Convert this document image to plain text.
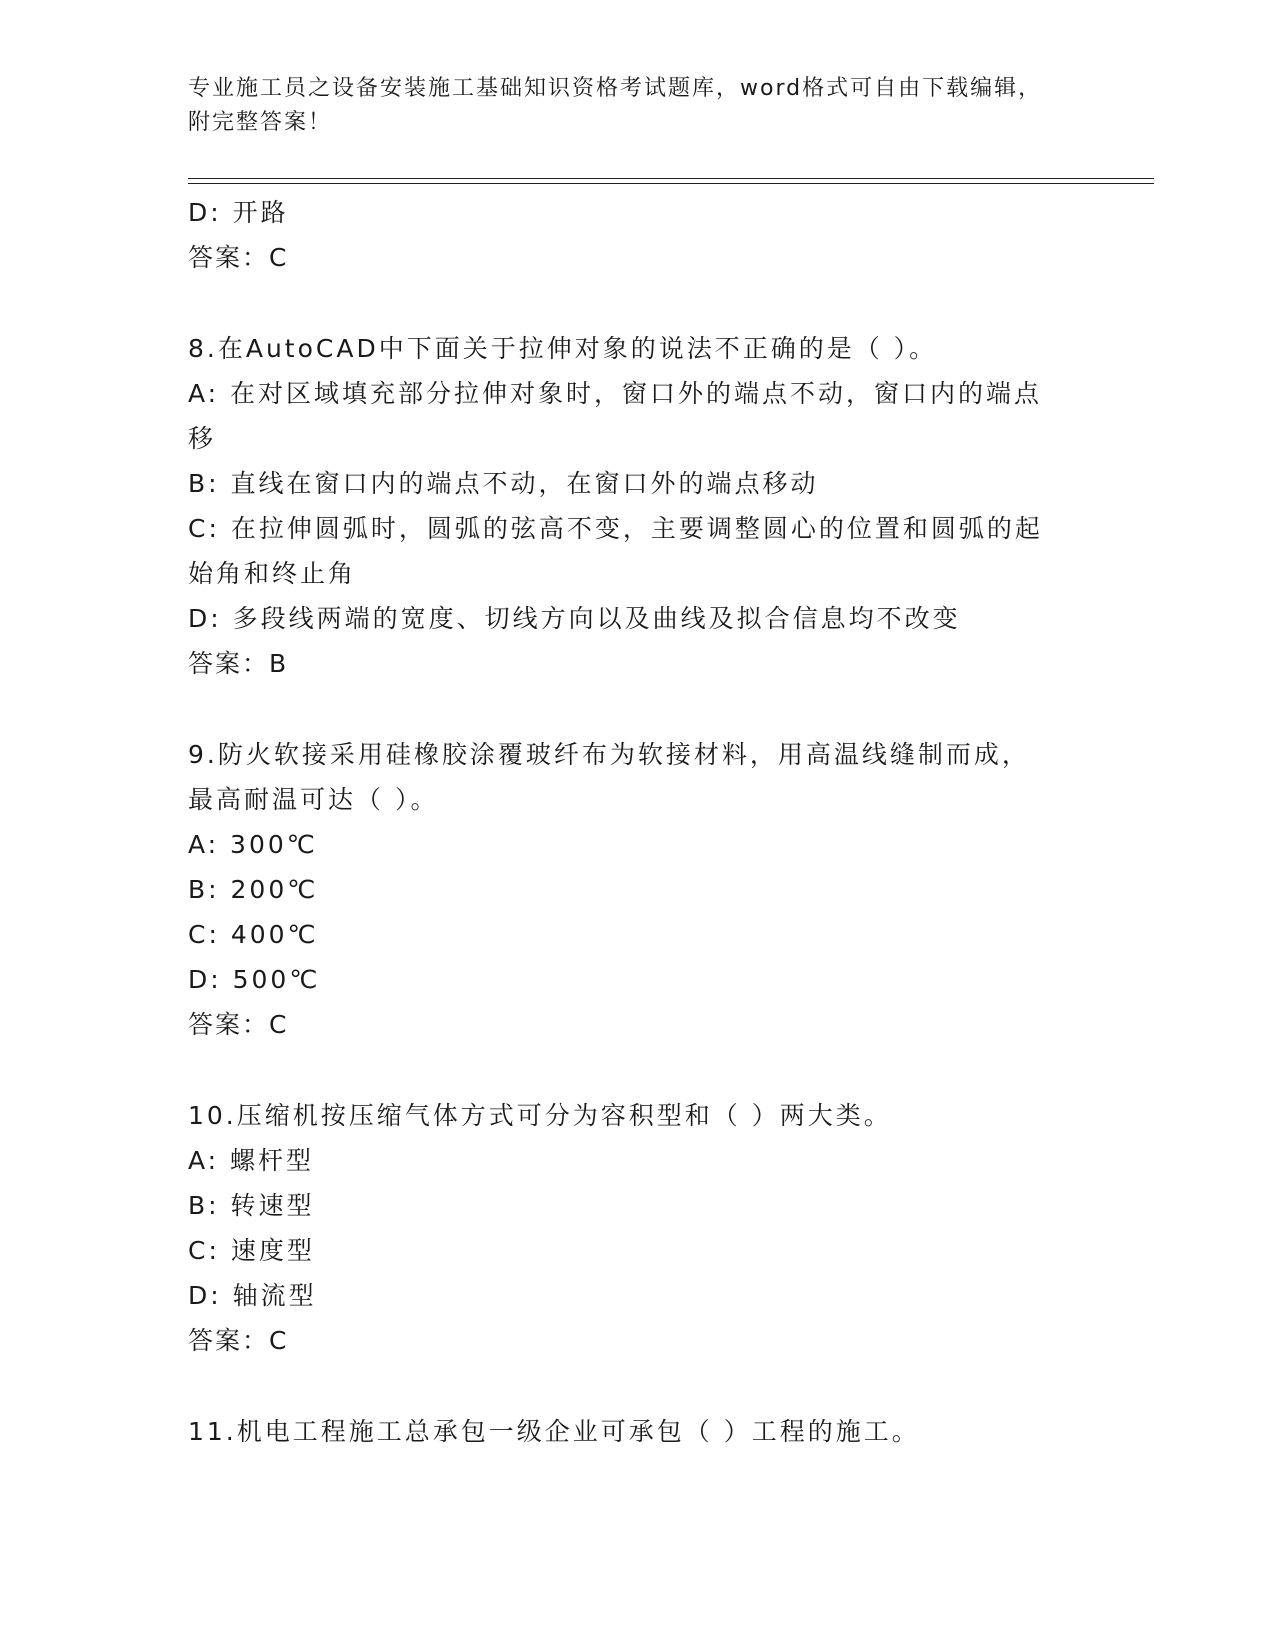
专业施工员之设备安装施工基础知识资格考试题库，word格式可自由下载编辑，
附完整答案！
D: 开路
答案：C
8.在AutoCAD中下面关于拉伸对象的说法不正确的是（ ）。
A: 在对区域填充部分拉伸对象时，窗口外的端点不动，窗口内的端点
移
B: 直线在窗口内的端点不动，在窗口外的端点移动
C: 在拉伸圆弧时，圆弧的弦高不变，主要调整圆心的位置和圆弧的起
始角和终止角
D: 多段线两端的宽度、切线方向以及曲线及拟合信息均不改变
答案：B
9.防火软接采用硅橡胶涂覆玻纤布为软接材料，用高温线缝制而成，
最高耐温可达（ ）。
A: 300℃
B: 200℃
C: 400℃
D: 500℃
答案：C
10.压缩机按压缩气体方式可分为容积型和（ ）两大类。
A: 螺杆型
B: 转速型
C: 速度型
D: 轴流型
答案：C
11.机电工程施工总承包一级企业可承包（ ）工程的施工。
